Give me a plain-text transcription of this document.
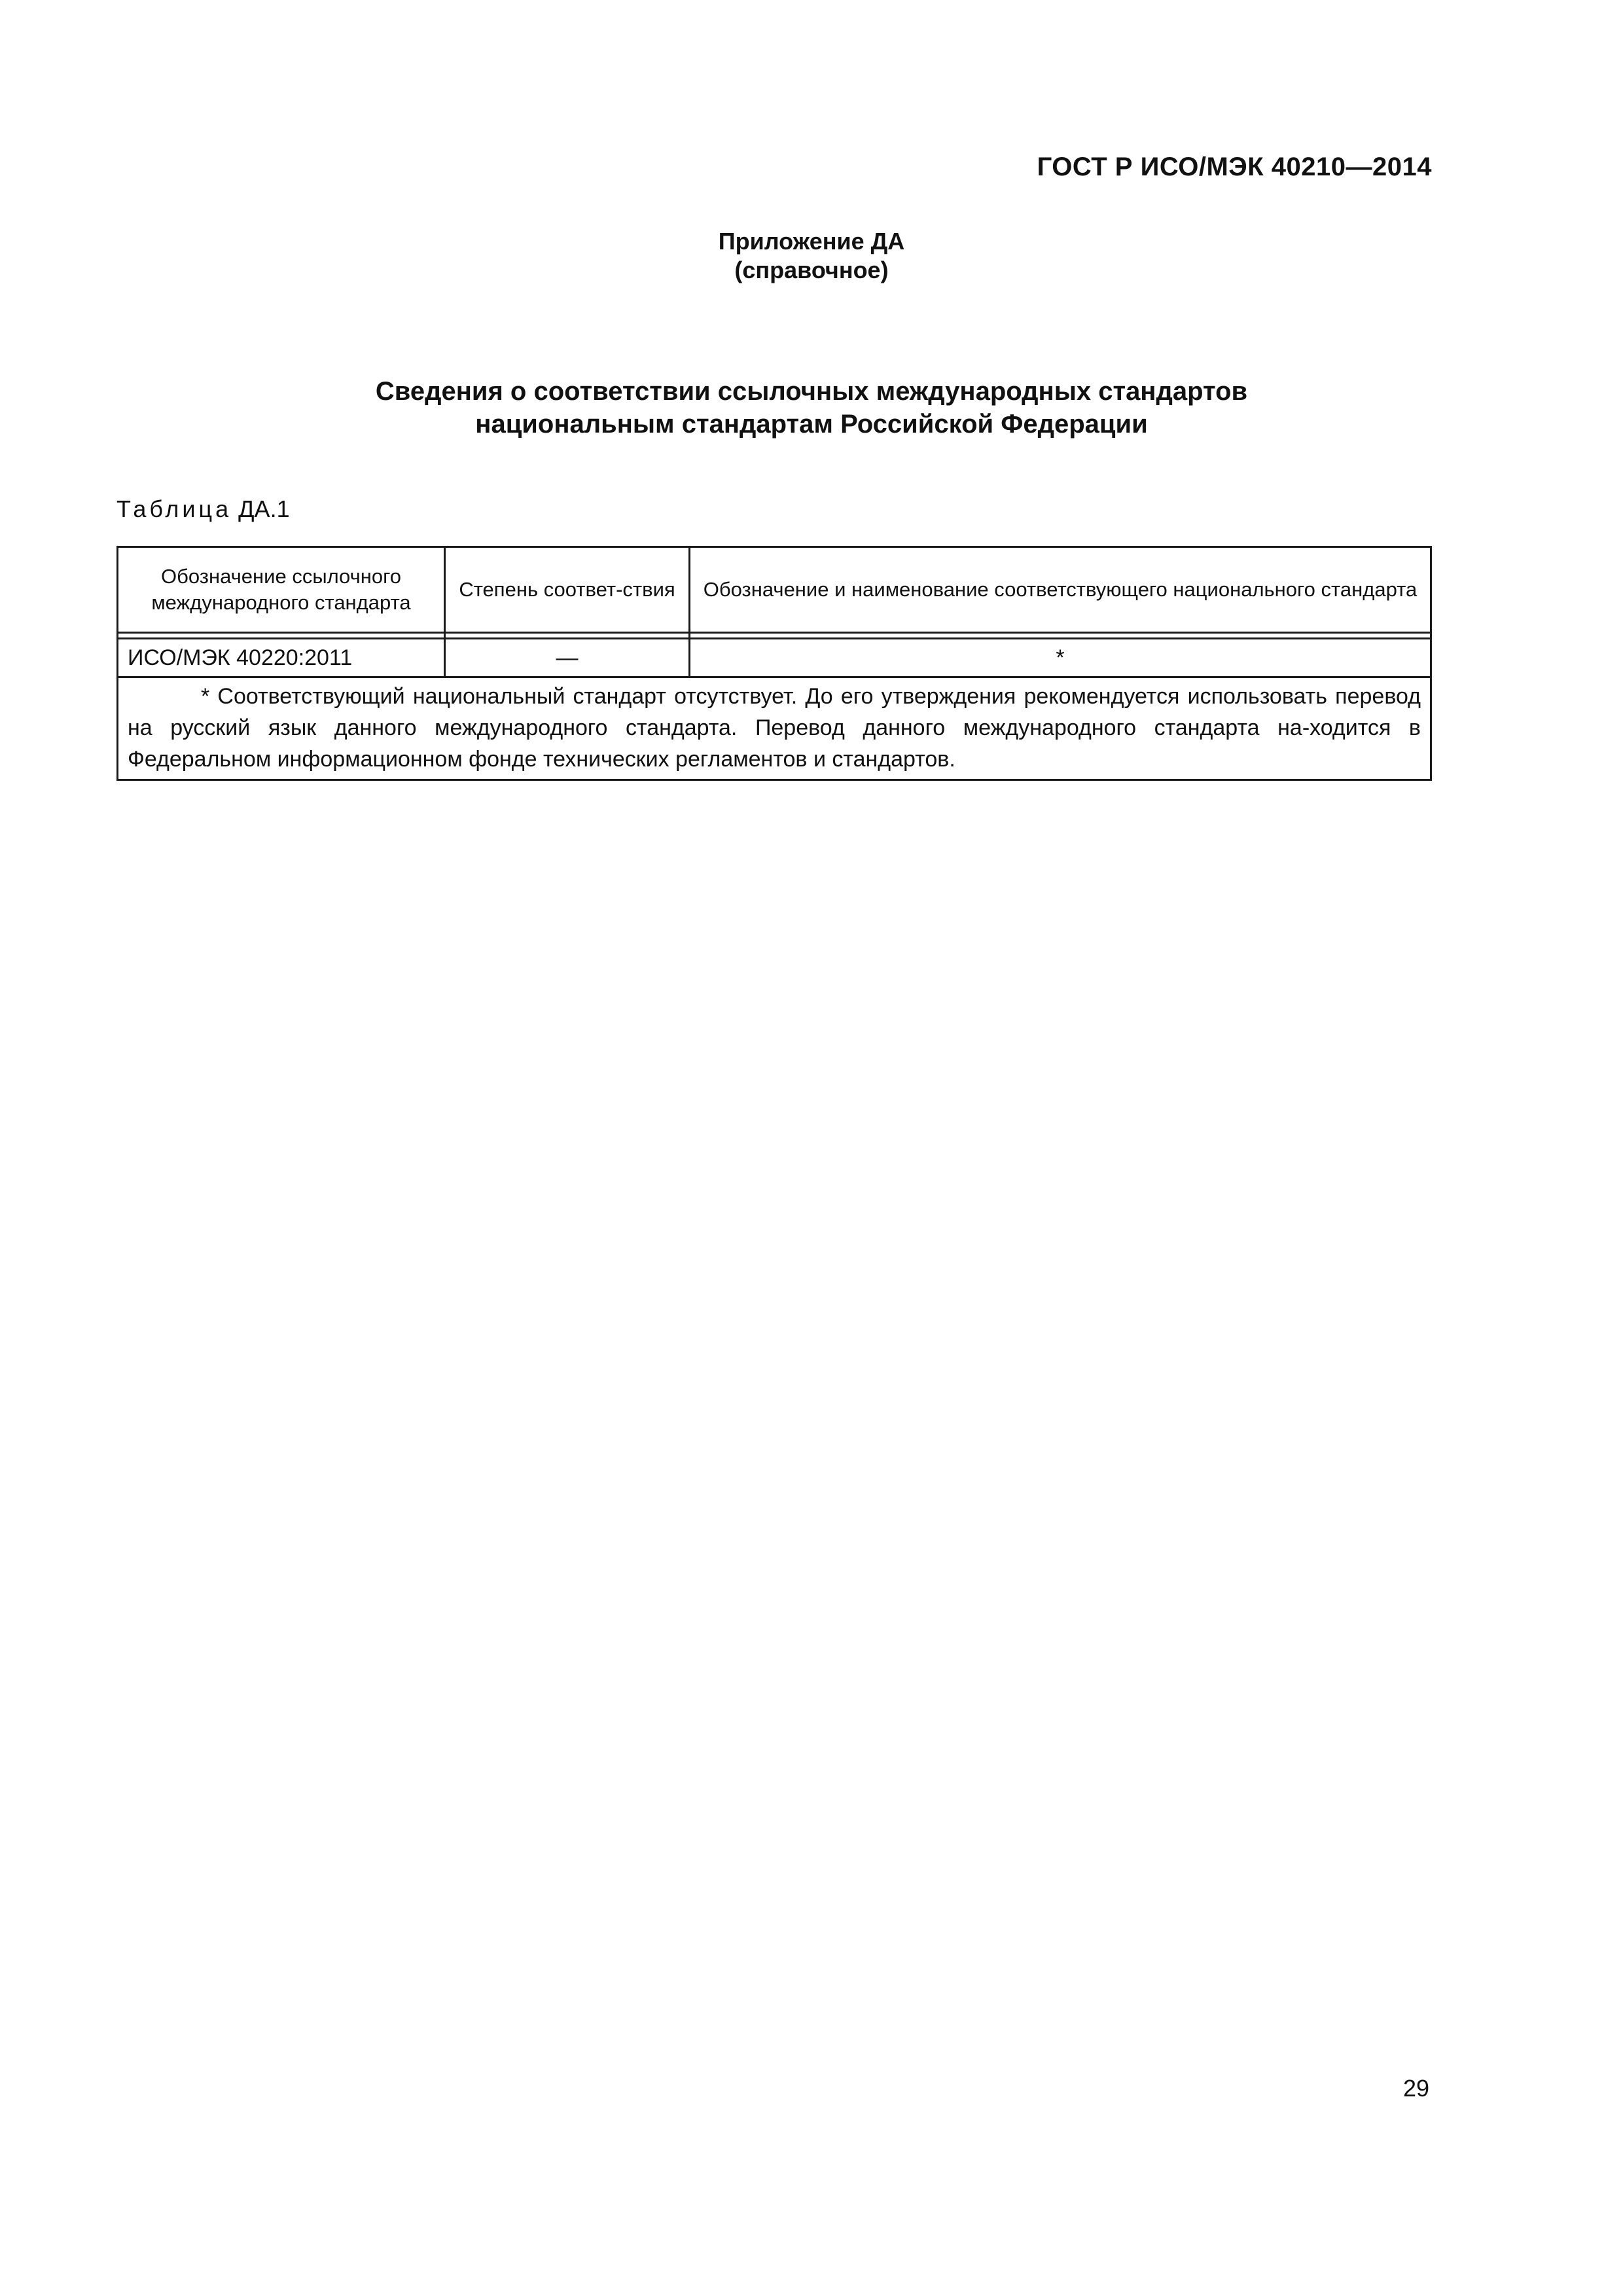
ГОСТ Р ИСО/МЭК 40210—2014
Приложение ДА
(справочное)
Сведения о соответствии ссылочных международных стандартов
национальным стандартам Российской Федерации
Таблица ДА.1
Обозначение ссылочного международного стандарта	Степень соответ-ствия	Обозначение и наименование соответствующего национального стандарта

ИСО/МЭК 40220:2011	—	*
* Соответствующий национальный стандарт отсутствует. До его утверждения рекомендуется использовать перевод на русский язык данного международного стандарта. Перевод данного международного стандарта на-ходится в Федеральном информационном фонде технических регламентов и стандартов.		
29
